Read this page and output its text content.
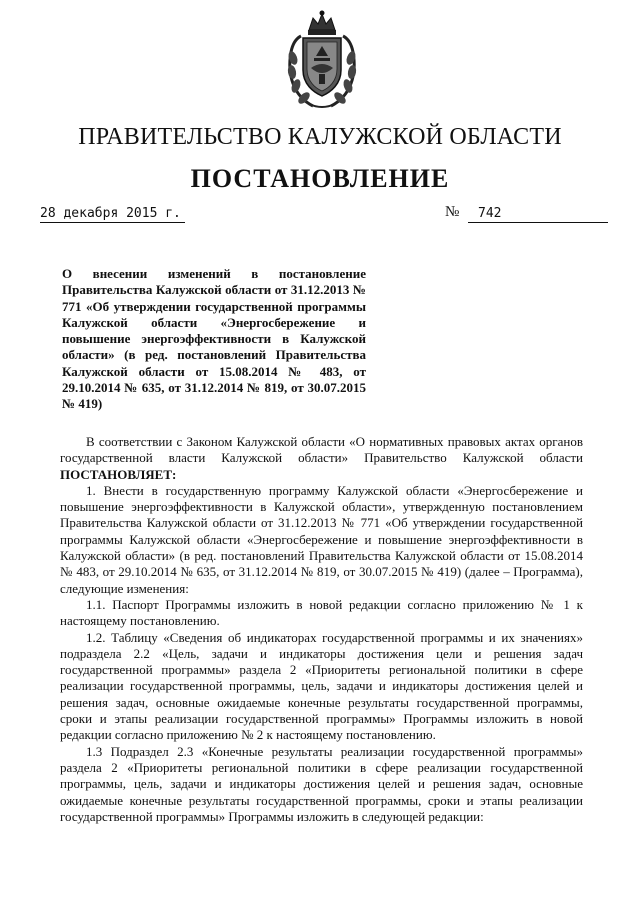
ПРАВИТЕЛЬСТВО КАЛУЖСКОЙ ОБЛАСТИ
ПОСТАНОВЛЕНИЕ
28 декабря 2015 г.	№	742
О внесении изменений в постановление Правительства Калужской области от 31.12.2013 № 771 «Об утверждении государственной программы Калужской области «Энергосбережение и повышение энергоэффективности в Калужской области» (в ред. постановлений Правительства Калужской области от 15.08.2014 № 483, от 29.10.2014 № 635, от 31.12.2014 № 819, от 30.07.2015 № 419)

В соответствии с Законом Калужской области «О нормативных правовых актах органов государственной власти Калужской области» Правительство Калужской области ПОСТАНОВЛЯЕТ:

1. Внести в государственную программу Калужской области «Энергосбережение и повышение энергоэффективности в Калужской области», утвержденную постановлением Правительства Калужской области от 31.12.2013 № 771 «Об утверждении государственной программы Калужской области «Энергосбережение и повышение энергоэффективности в Калужской области» (в ред. постановлений Правительства Калужской области от 15.08.2014 № 483, от 29.10.2014 № 635, от 31.12.2014 № 819, от 30.07.2015 № 419) (далее – Программа), следующие изменения:

1.1. Паспорт Программы изложить в новой редакции согласно приложению № 1 к настоящему постановлению.

1.2. Таблицу «Сведения об индикаторах государственной программы и их значениях» подраздела 2.2 «Цель, задачи и индикаторы достижения цели и решения задач государственной программы» раздела 2 «Приоритеты региональной политики в сфере реализации государственной программы, цель, задачи и индикаторы достижения целей и решения задач, основные ожидаемые конечные результаты государственной программы, сроки и этапы реализации государственной программы» Программы изложить в новой редакции согласно приложению № 2 к настоящему постановлению.

1.3 Подраздел 2.3 «Конечные результаты реализации государственной программы» раздела 2 «Приоритеты региональной политики в сфере реализации государственной программы, цель, задачи и индикаторы достижения целей и решения задач, основные ожидаемые конечные результаты государственной программы, сроки и этапы реализации государственной программы» Программы изложить в следующей редакции:
